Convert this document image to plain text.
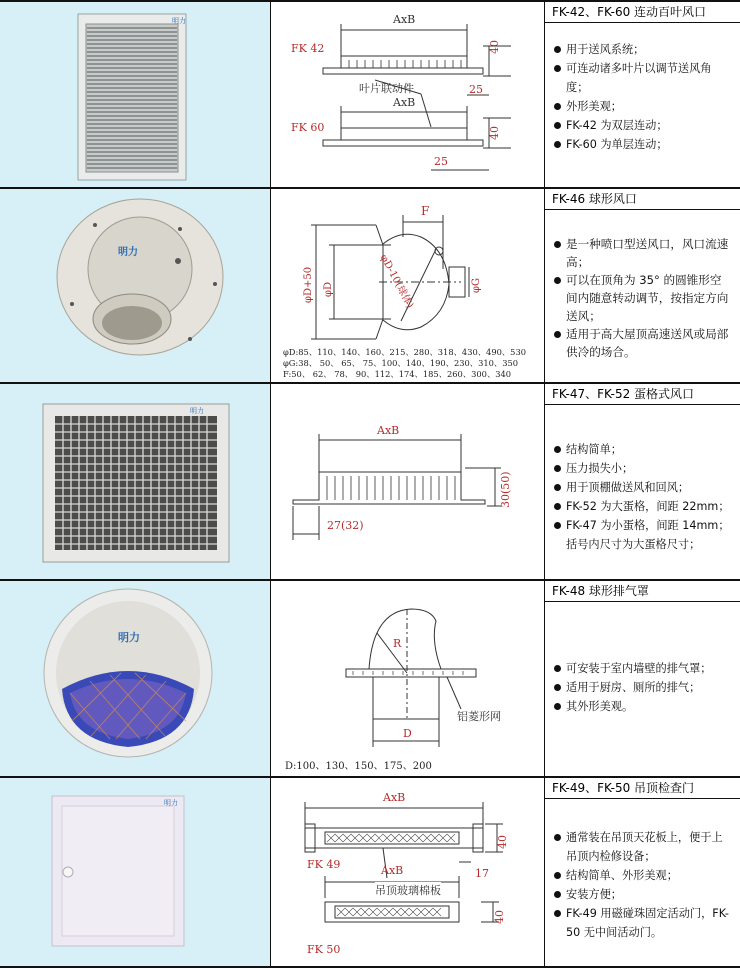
明力	AxB
FK 42	40
25
叶片联动件
AxB
FK 60	40
25
FK-42、FK-60 连动百叶风口
用于送风系统；
可连动诸多叶片以调节送风角度；
外形美观；
FK-42 为双层连动；
FK-60 为单层连动；
明力
F
φD+50 φD	φD-10(球体)	φG
φD:85、110、140、160、215、280、318、430、490、530
φG:38、 50、 65、 75、100、140、190、230、310、350
F:50、 62、 78、 90、112、174、185、260、300、340
FK-46 球形风口
是一种喷口型送风口，风口流速 高；
可以在顶角为 35° 的圆锥形空间内随意转动调节，按指定方向送风；
适用于高大屋顶高速送风或局部供冷的场合。
明力
AxB
30(50)
27(32)
FK-47、FK-52 蛋格式风口
结构简单；
压力损失小；
用于顶棚做送风和回风；
FK-52 为大蛋格，间距 22mm；
FK-47 为小蛋格，间距 14mm；括号内尺寸为大蛋格尺寸；
明力	R
铝菱形网
D
D:100、130、150、175、200
FK-48 球形排气罩
可安装于室内墙壁的排气罩；
适用于厨房、厕所的排气；
其外形美观。
明力	AxB
40
FK 49	AxB	17
吊顶玻璃棉板
40
FK 50
FK-49、FK-50 吊顶检查门
通常装在吊顶天花板上，便于上吊顶内检修设备；
结构简单、外形美观；
安装方便；
FK-49 用磁碰珠固定活动门，FK-50 无中间活动门。
